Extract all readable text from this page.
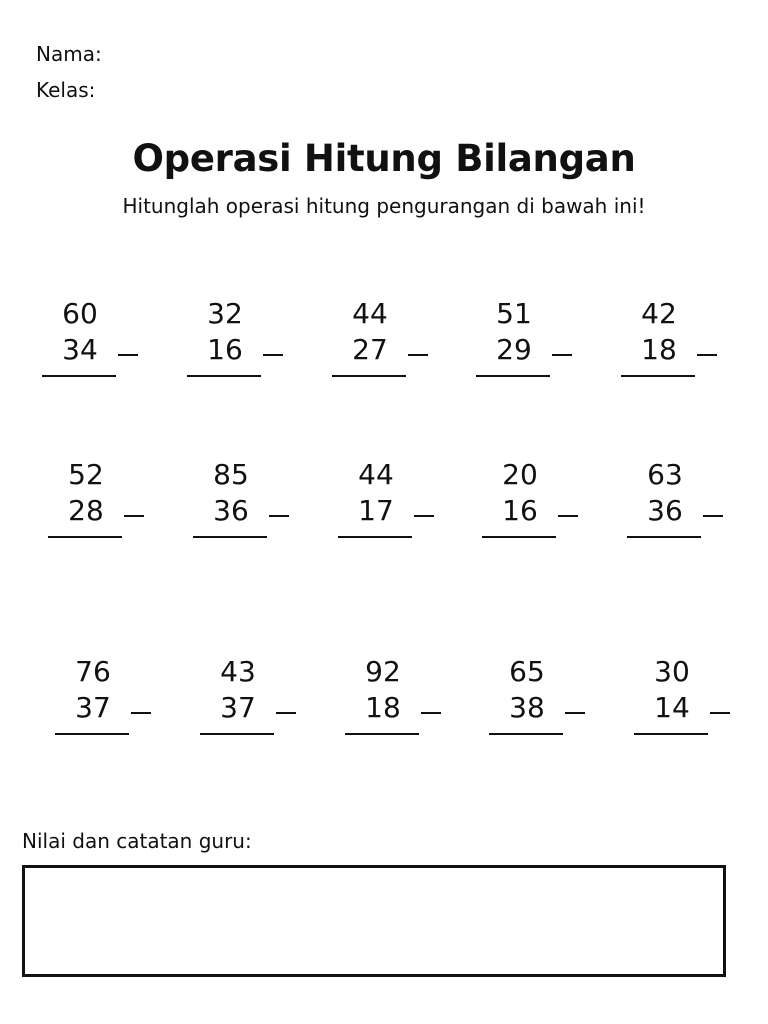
Nama:
Kelas:
Operasi Hitung Bilangan
Hitunglah operasi hitung pengurangan di bawah ini!
60
34
32
16
44
27
51
29
42
18
52
28
85
36
44
17
20
16
63
36
76
37
43
37
92
18
65
38
30
14
Nilai dan catatan guru:
